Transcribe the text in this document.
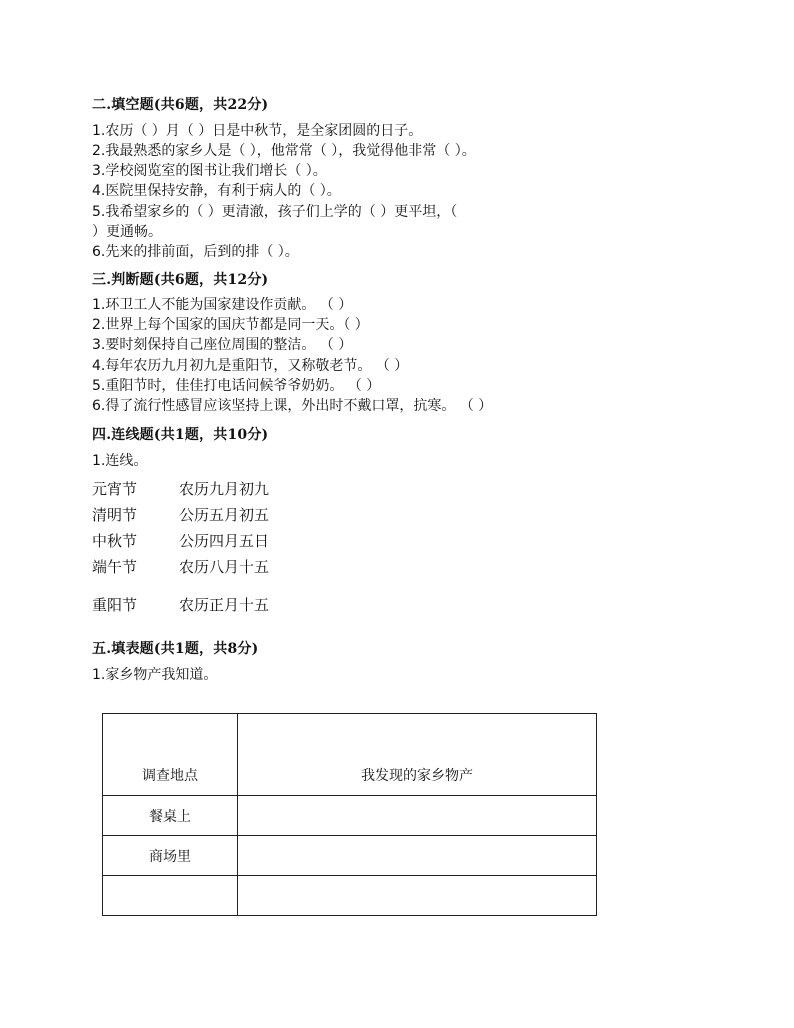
二.填空题(共6题，共22分)
1.农历（ ）月（ ）日是中秋节，是全家团圆的日子。
2.我最熟悉的家乡人是（ ），他常常（ ），我觉得他非常（ ）。
3.学校阅览室的图书让我们增长（ ）。
4.医院里保持安静，有利于病人的（ ）。
5.我希望家乡的（ ）更清澈，孩子们上学的（ ）更平坦，（
）更通畅。
6.先来的排前面，后到的排（ ）。
三.判断题(共6题，共12分)
1.环卫工人不能为国家建设作贡献。 （ ）
2.世界上每个国家的国庆节都是同一天。（ ）
3.要时刻保持自己座位周围的整洁。 （ ）
4.每年农历九月初九是重阳节，又称敬老节。 （ ）
5.重阳节时，佳佳打电话问候爷爷奶奶。 （ ）
6.得了流行性感冒应该坚持上课，外出时不戴口罩，抗寒。 （ ）
四.连线题(共1题，共10分)
1.连线。
元宵节	农历九月初九
清明节	公历五月初五
中秋节	公历四月五日
端午节	农历八月十五
重阳节	农历正月十五
五.填表题(共1题，共8分)
1.家乡物产我知道。
调查地点	我发现的家乡物产
餐桌上	
商场里	
